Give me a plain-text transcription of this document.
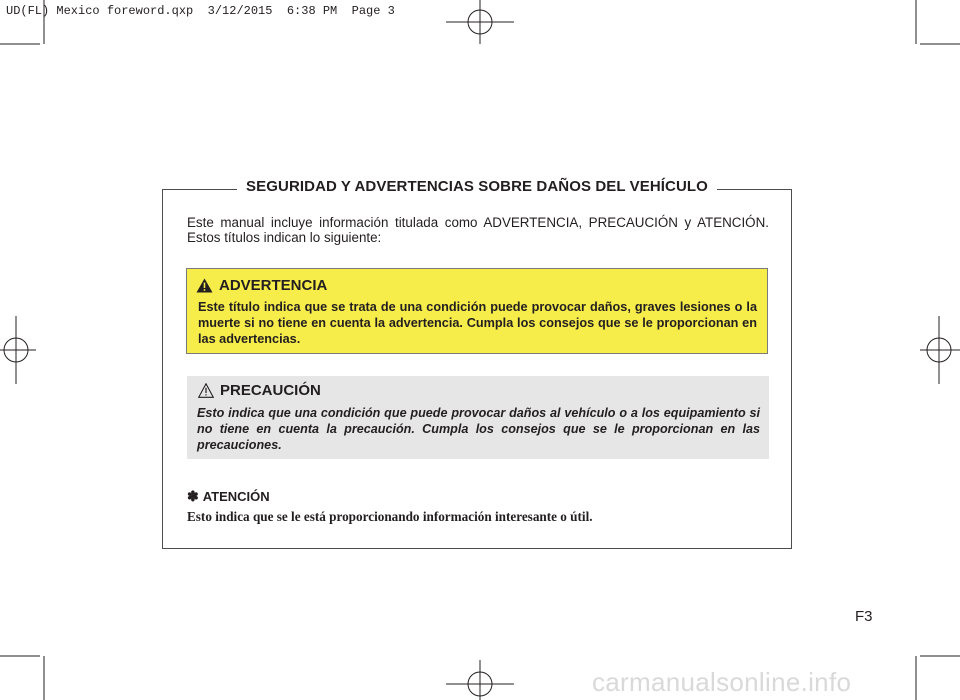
UD(FL) Mexico foreword.qxp  3/12/2015  6:38 PM  Page 3
SEGURIDAD Y ADVERTENCIAS SOBRE DAÑOS DEL VEHÍCULO
Este manual incluye información titulada como ADVERTENCIA, PRECAUCIÓN y ATENCIÓN. Estos títulos indican lo siguiente:
ADVERTENCIA
Este título indica que se trata de una condición puede provocar daños, graves lesiones o la muerte si no tiene en cuenta la advertencia. Cumpla los consejos que se le proporcionan en las advertencias.
PRECAUCIÓN
Esto indica que una condición que puede provocar daños al vehículo o a los equipamiento si no tiene en cuenta la precaución. Cumpla los consejos que se le proporcionan en las precauciones.
✽ ATENCIÓN
Esto indica que se le está proporcionando información interesante o útil.
F3
carmanualsonline.info
